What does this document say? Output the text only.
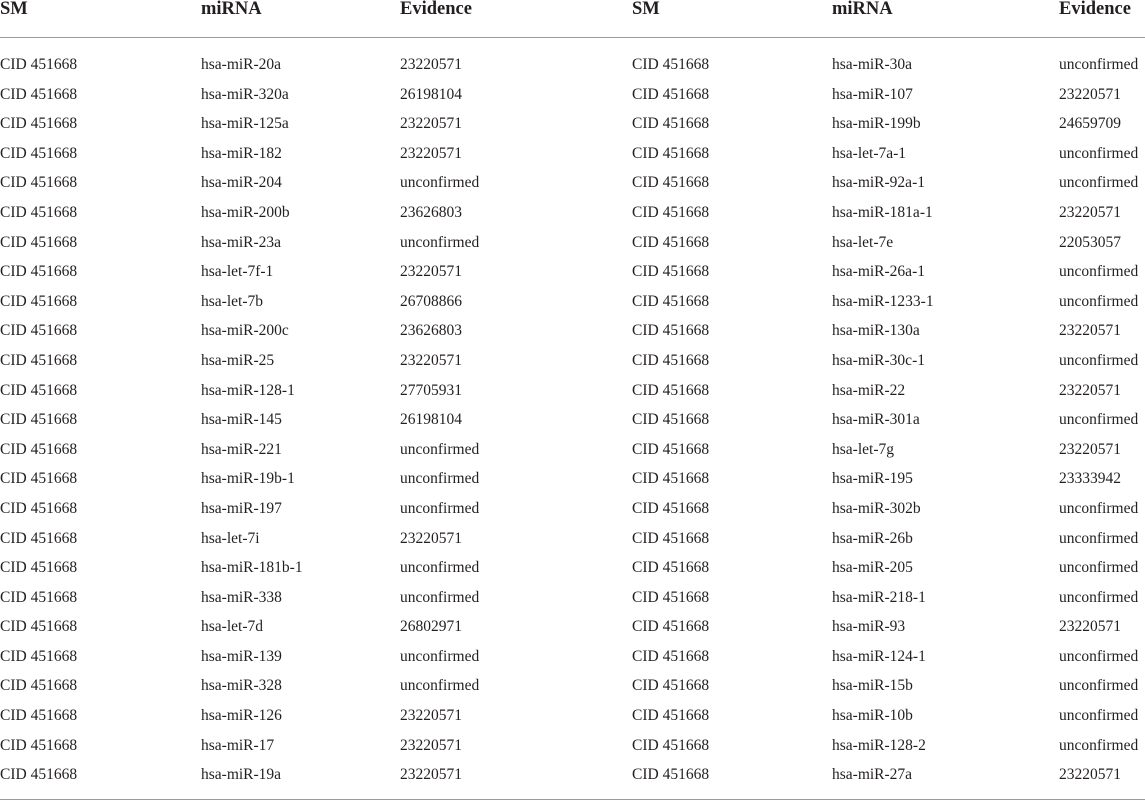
SM	miRNA	Evidence	SM	miRNA	Evidence
CID 451668	hsa-miR-20a	23220571	CID 451668	hsa-miR-30a	unconfirmed
CID 451668	hsa-miR-320a	26198104	CID 451668	hsa-miR-107	23220571
CID 451668	hsa-miR-125a	23220571	CID 451668	hsa-miR-199b	24659709
CID 451668	hsa-miR-182	23220571	CID 451668	hsa-let-7a-1	unconfirmed
CID 451668	hsa-miR-204	unconfirmed	CID 451668	hsa-miR-92a-1	unconfirmed
CID 451668	hsa-miR-200b	23626803	CID 451668	hsa-miR-181a-1	23220571
CID 451668	hsa-miR-23a	unconfirmed	CID 451668	hsa-let-7e	22053057
CID 451668	hsa-let-7f-1	23220571	CID 451668	hsa-miR-26a-1	unconfirmed
CID 451668	hsa-let-7b	26708866	CID 451668	hsa-miR-1233-1	unconfirmed
CID 451668	hsa-miR-200c	23626803	CID 451668	hsa-miR-130a	23220571
CID 451668	hsa-miR-25	23220571	CID 451668	hsa-miR-30c-1	unconfirmed
CID 451668	hsa-miR-128-1	27705931	CID 451668	hsa-miR-22	23220571
CID 451668	hsa-miR-145	26198104	CID 451668	hsa-miR-301a	unconfirmed
CID 451668	hsa-miR-221	unconfirmed	CID 451668	hsa-let-7g	23220571
CID 451668	hsa-miR-19b-1	unconfirmed	CID 451668	hsa-miR-195	23333942
CID 451668	hsa-miR-197	unconfirmed	CID 451668	hsa-miR-302b	unconfirmed
CID 451668	hsa-let-7i	23220571	CID 451668	hsa-miR-26b	unconfirmed
CID 451668	hsa-miR-181b-1	unconfirmed	CID 451668	hsa-miR-205	unconfirmed
CID 451668	hsa-miR-338	unconfirmed	CID 451668	hsa-miR-218-1	unconfirmed
CID 451668	hsa-let-7d	26802971	CID 451668	hsa-miR-93	23220571
CID 451668	hsa-miR-139	unconfirmed	CID 451668	hsa-miR-124-1	unconfirmed
CID 451668	hsa-miR-328	unconfirmed	CID 451668	hsa-miR-15b	unconfirmed
CID 451668	hsa-miR-126	23220571	CID 451668	hsa-miR-10b	unconfirmed
CID 451668	hsa-miR-17	23220571	CID 451668	hsa-miR-128-2	unconfirmed
CID 451668	hsa-miR-19a	23220571	CID 451668	hsa-miR-27a	23220571
